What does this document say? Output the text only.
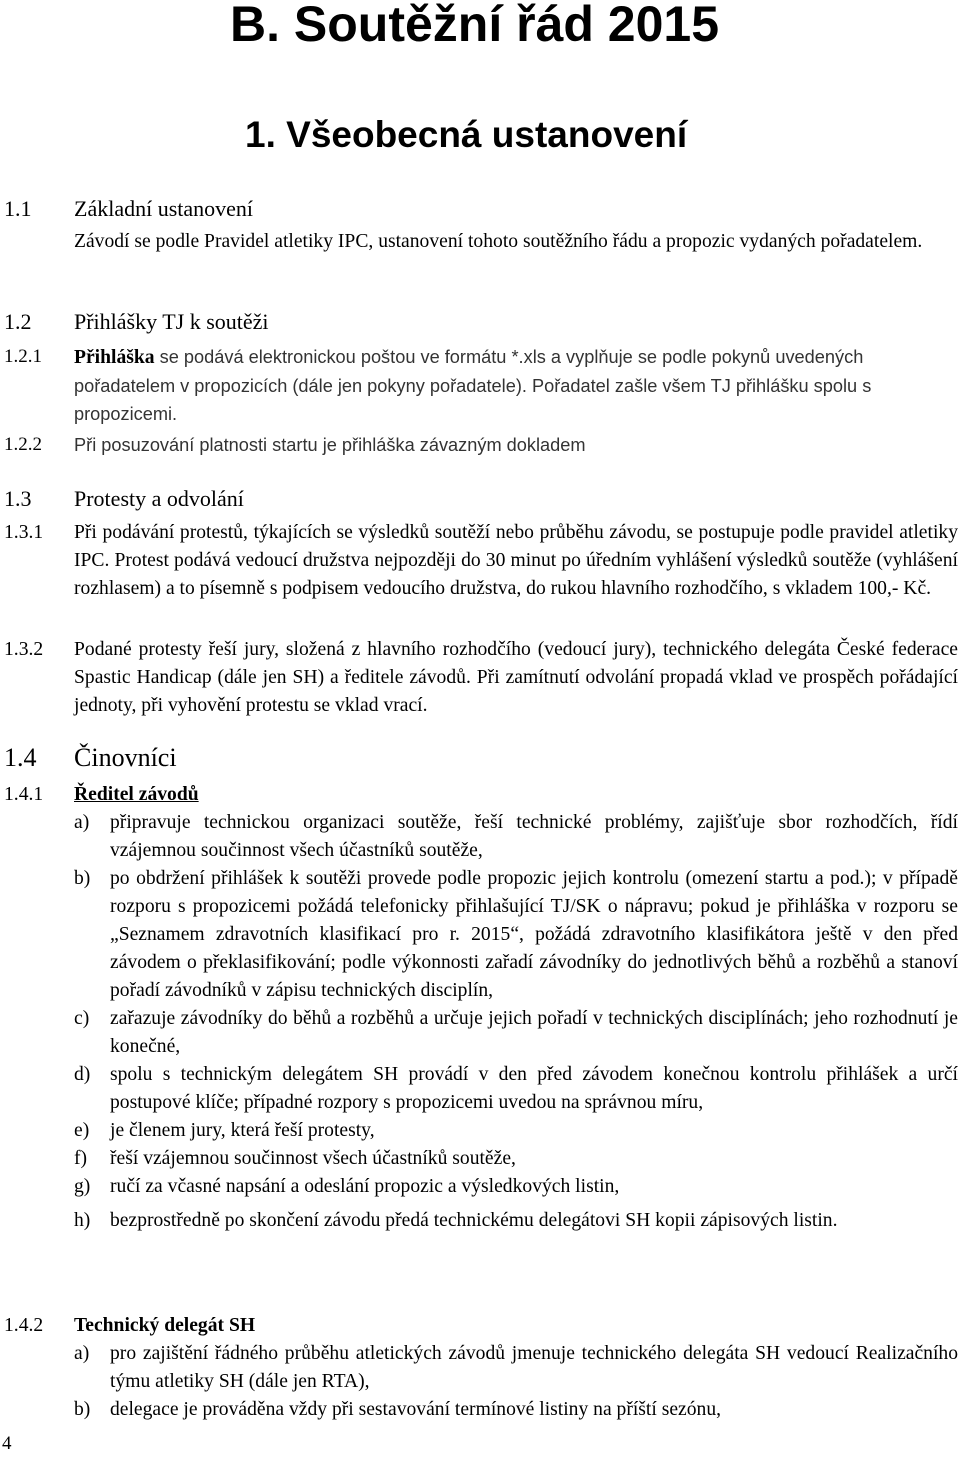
B. Soutěžní řád 2015
1. Všeobecná ustanovení
1.1 Základní ustanovení
Závodí se podle Pravidel atletiky IPC, ustanovení tohoto soutěžního řádu a propozic vydaných pořadatelem.
1.2 Přihlášky TJ k soutěži
1.2.1 Přihláška se podává elektronickou poštou ve formátu *.xls a vyplňuje se podle pokynů uvedených pořadatelem v propozicích (dále jen pokyny pořadatele). Pořadatel zašle všem TJ přihlášku spolu s propozicemi.
1.2.2 Při posuzování platnosti startu je přihláška závazným dokladem
1.3 Protesty a odvolání
1.3.1 Při podávání protestů, týkajících se výsledků soutěží nebo průběhu závodu, se postupuje podle pravidel atletiky IPC. Protest podává vedoucí družstva nejpozději do 30 minut po úředním vyhlášení výsledků soutěže (vyhlášení rozhlasem) a to písemně s podpisem vedoucího družstva, do rukou hlavního rozhodčího, s vkladem 100,- Kč.
1.3.2 Podané protesty řeší jury, složená z hlavního rozhodčího (vedoucí jury), technického delegáta České federace Spastic Handicap (dále jen SH) a ředitele závodů. Při zamítnutí odvolání propadá vklad ve prospěch pořádající jednoty, při vyhovění protestu se vklad vrací.
1.4 Činovníci
1.4.1 Ředitel závodů
a) připravuje technickou organizaci soutěže, řeší technické problémy, zajišťuje sbor rozhodčích, řídí vzájemnou součinnost všech účastníků soutěže,
b) po obdržení přihlášek k soutěži provede podle propozic jejich kontrolu (omezení startu a pod.); v případě rozporu s propozicemi požádá telefonicky přihlašující TJ/SK o nápravu; pokud je přihláška v rozporu se „Seznamem zdravotních klasifikací pro r. 2015“, požádá zdravotního klasifikátora ještě v den před závodem o překlasifikování; podle výkonnosti zařadí závodníky do jednotlivých běhů a rozběhů a stanoví pořadí závodníků v zápisu technických disciplín,
c) zařazuje závodníky do běhů a rozběhů a určuje jejich pořadí v technických disciplínách; jeho rozhodnutí je konečné,
d) spolu s technickým delegátem SH provádí v den před závodem konečnou kontrolu přihlášek a určí postupové klíče; případné rozpory s propozicemi uvedou na správnou míru,
e) je členem jury, která řeší protesty,
f) řeší vzájemnou součinnost všech účastníků soutěže,
g) ručí za včasné napsání a odeslání propozic a výsledkových listin,
h) bezprostředně po skončení závodu předá technickému delegátovi SH kopii zápisových listin.
1.4.2 Technický delegát SH
a) pro zajištění řádného průběhu atletických závodů jmenuje technického delegáta SH vedoucí Realizačního týmu atletiky SH (dále jen RTA),
b) delegace je prováděna vždy při sestavování termínové listiny na příští sezónu,
4
